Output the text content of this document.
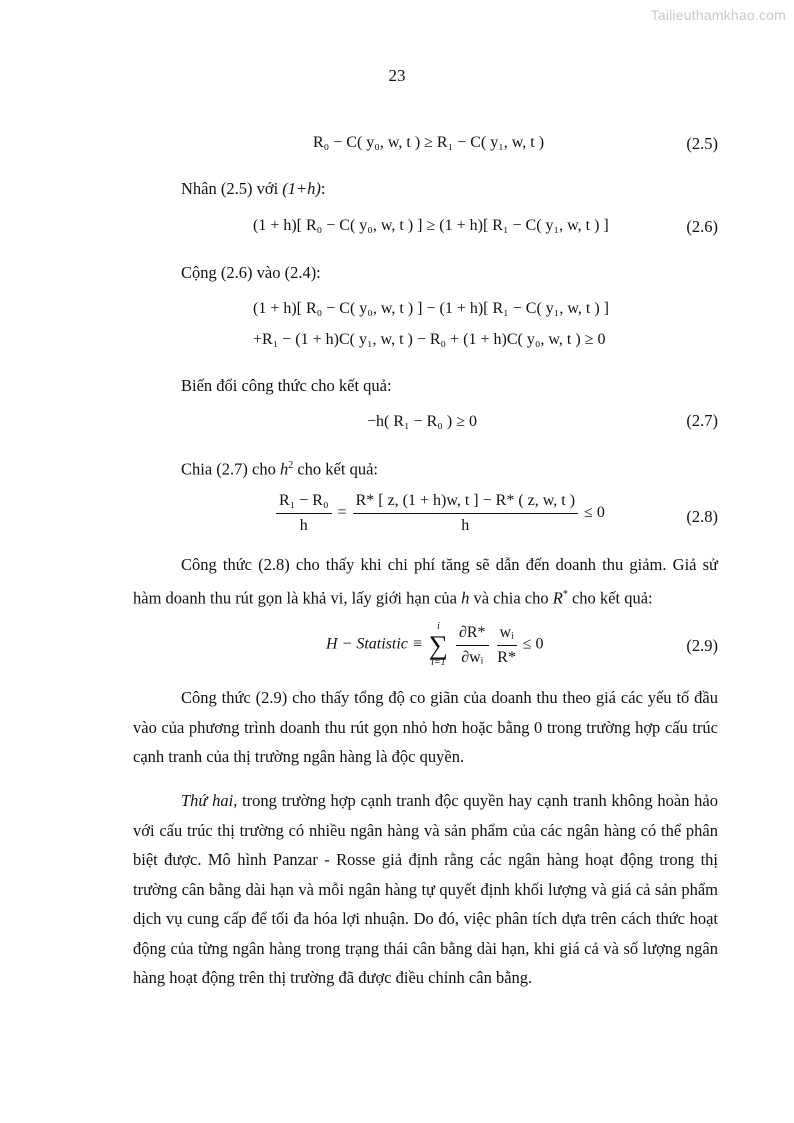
Tailieuthamkhao.com
23
R₀ − C( y₀, w, t ) ≥ R₁ − C( y₁, w, t )	(2.5)
Nhân (2.5) với (1+h):
(1 + h)[ R₀ − C( y₀, w, t ) ] ≥ (1 + h)[ R₁ − C( y₁, w, t ) ]	(2.6)
Cộng (2.6) vào (2.4):
(1 + h)[ R₀ − C( y₀, w, t ) ] − (1 + h)[ R₁ − C( y₁, w, t ) ]
+R₁ − (1 + h)C( y₁, w, t ) − R₀ + (1 + h)C( y₀, w, t ) ≥ 0
Biến đổi công thức cho kết quả:
−h( R₁ − R₀ ) ≥ 0	(2.7)
Chia (2.7) cho $h^2$ cho kết quả:
$\frac{\text{R₁ − R₀}}{h} = \frac{R* [ z, (1 + h)w, t ] - R* ( z, w, t )}{h} \le 0$	(2.8)
Công thức (2.8) cho thấy khi chi phí tăng sẽ dẫn đến doanh thu giảm. Giả sử hàm doanh thu rút gọn là khả vi, lấy giới hạn của h và chia cho R* cho kết quả:
H − Statistic ≡
i
∑
i=1
$\frac{\partial R*}{\text{∂wᵢ}}$
$\frac{\text{wᵢ}}{R*} \le 0$	(2.9)
Công thức (2.9) cho thấy tổng độ co giãn của doanh thu theo giá các yếu tố đầu vào của phương trình doanh thu rút gọn nhỏ hơn hoặc bằng 0 trong trường hợp cấu trúc cạnh tranh của thị trường ngân hàng là độc quyền.
Thứ hai, trong trường hợp cạnh tranh độc quyền hay cạnh tranh không hoàn hảo với cấu trúc thị trường có nhiều ngân hàng và sản phẩm của các ngân hàng có thể phân biệt được. Mô hình Panzar - Rosse giả định rằng các ngân hàng hoạt động trong thị trường cân bằng dài hạn và mỗi ngân hàng tự quyết định khối lượng và giá cả sản phẩm dịch vụ cung cấp để tối đa hóa lợi nhuận. Do đó, việc phân tích dựa trên cách thức hoạt động của từng ngân hàng trong trạng thái cân bằng dài hạn, khi giá cả và số lượng ngân hàng hoạt động trên thị trường đã được điều chỉnh cân bằng.
